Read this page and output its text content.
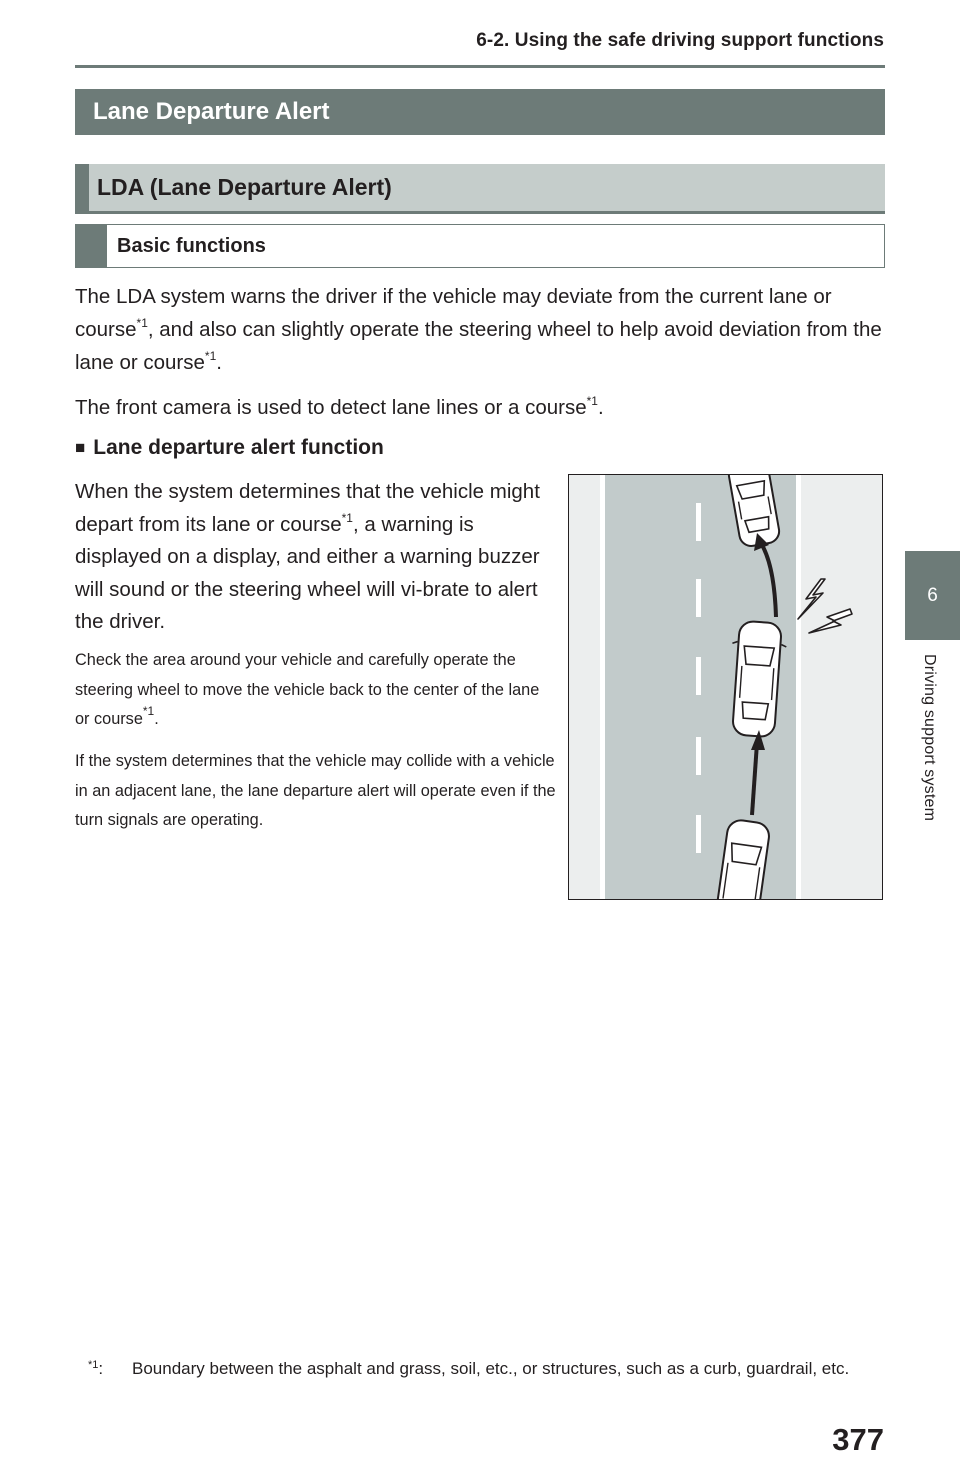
6-2. Using the safe driving support functions
Lane Departure Alert
LDA (Lane Departure Alert)
Basic functions
The LDA system warns the driver if the vehicle may deviate from the current lane or course$^{*1}$, and also can slightly operate the steering wheel to help avoid deviation from the lane or course$^{*1}$.
The front camera is used to detect lane lines or a course$^{*1}$.
■ Lane departure alert function
When the system determines that the vehicle might depart from its lane or course$^{*1}$, a warning is displayed on a display, and either a warning buzzer will sound or the steering wheel will vi-brate to alert the driver.
Check the area around your vehicle and carefully operate the steering wheel to move the vehicle back to the center of the lane or course$^{*1}$.
If the system determines that the vehicle may collide with a vehicle in an adjacent lane, the lane departure alert will operate even if the turn signals are operating.
6
Driving support system
$^{*1}$: Boundary between the asphalt and grass, soil, etc., or structures, such as a curb, guardrail, etc.
377
